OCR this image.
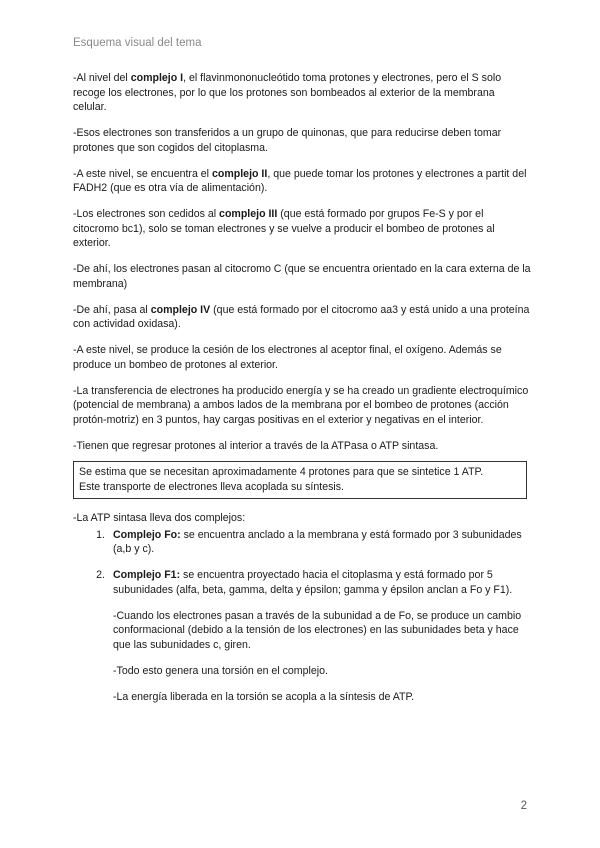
Esquema visual del tema

-Al nivel del complejo I, el flavinmononucleótido toma protones y electrones, pero el S solo recoge los electrones, por lo que los protones son bombeados al exterior de la membrana celular.

-Esos electrones son transferidos a un grupo de quinonas, que para reducirse deben tomar protones que son cogidos del citoplasma.

-A este nivel, se encuentra el complejo II, que puede tomar los protones y electrones a partit del FADH2 (que es otra vía de alimentación).

-Los electrones son cedidos al complejo III (que está formado por grupos Fe-S y por el citocromo bc1), solo se toman electrones y se vuelve a producir el bombeo de protones al exterior.

-De ahí, los electrones pasan al citocromo C (que se encuentra orientado en la cara externa de la membrana)

-De ahí, pasa al complejo IV (que está formado por el citocromo aa3 y está unido a una proteína con actividad oxidasa).

-A este nivel, se produce la cesión de los electrones al aceptor final, el oxígeno. Además se produce un bombeo de protones al exterior.

-La transferencia de electrones ha producido energía y se ha creado un gradiente electroquímico (potencial de membrana) a ambos lados de la membrana por el bombeo de protones (acción protón-motriz) en 3 puntos, hay cargas positivas en el exterior y negativas en el interior.

-Tienen que regresar protones al interior a través de la ATPasa o ATP sintasa.

Se estima que se necesitan aproximadamente 4 protones para que se sintetice 1 ATP.
Este transporte de electrones lleva acoplada su síntesis.
-La ATP sintasa lleva dos complejos:
1. Complejo Fo: se encuentra anclado a la membrana y está formado por 3 subunidades (a,b y c).
2. Complejo F1: se encuentra proyectado hacia el citoplasma y está formado por 5 subunidades (alfa, beta, gamma, delta y épsilon; gamma y épsilon anclan a Fo y F1).

-Cuando los electrones pasan a través de la subunidad a de Fo, se produce un cambio conformacional (debido a la tensión de los electrones) en las subunidades beta y hace que las subunidades c, giren.

-Todo esto genera una torsión en el complejo.

-La energía liberada en la torsión se acopla a la síntesis de ATP.

2
